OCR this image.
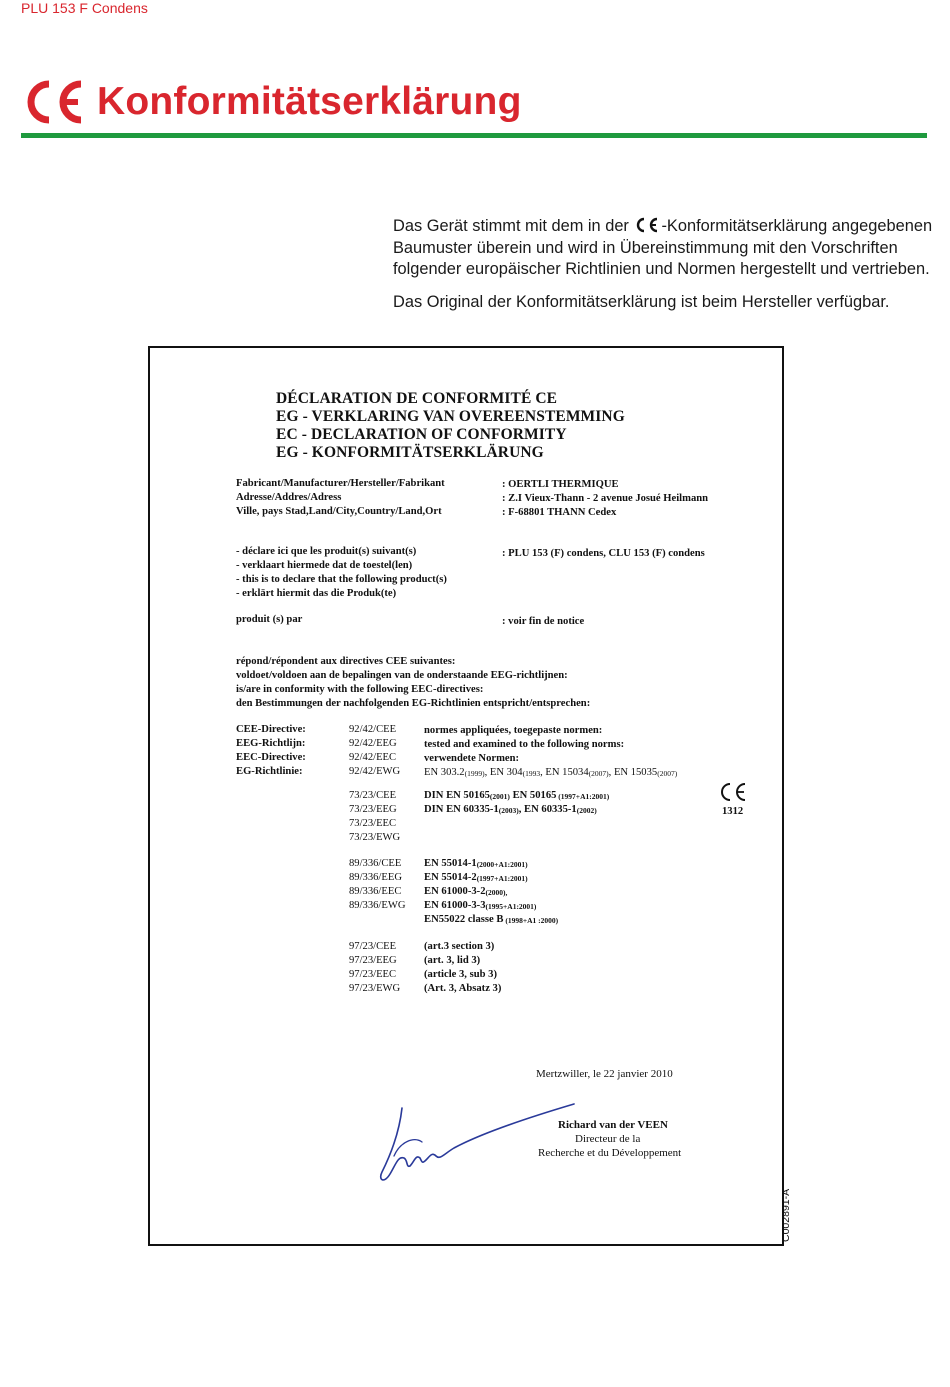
PLU 153 F Condens
Konformitätserklärung

Das Gerät stimmt mit dem in der -Konformitätserklärung angegebenen Baumuster überein und wird in Übereinstimmung mit den Vorschriften folgender europäischer Richtlinien und Normen hergestellt und vertrieben.

Das Original der Konformitätserklärung ist beim Hersteller verfügbar.

DÉCLARATION DE CONFORMITÉ CE
EG - VERKLARING VAN OVEREENSTEMMING
EC - DECLARATION OF CONFORMITY
EG - KONFORMITÄTSERKLÄRUNG
Fabricant/Manufacturer/Hersteller/Fabrikant
Adresse/Addres/Adress
Ville, pays Stad,Land/City,Country/Land,Ort
: OERTLI THERMIQUE
: Z.I Vieux-Thann - 2 avenue Josué Heilmann
: F-68801 THANN Cedex
- déclare ici que les produit(s) suivant(s)
- verklaart hiermede dat de toestel(len)
- this is to declare that the following product(s)
- erklärt hiermit das die Produk(te)
: PLU 153 (F) condens, CLU 153 (F) condens
produit (s) par	: voir fin de notice
répond/répondent aux directives CEE suivantes:
voldoet/voldoen aan de bepalingen van de onderstaande EEG-richtlijnen:
is/are in conformity with the following EEC-directives:
den Bestimmungen der nachfolgenden EG-Richtlinien entspricht/entsprechen:
CEE-Directive:
EEG-Richtlijn:
EEC-Directive:
EG-Richtlinie:
92/42/CEE
92/42/EEG
92/42/EEC
92/42/EWG
normes appliquées, toegepaste normen:
tested and examined to the following norms:
verwendete Normen:
EN $303.2_{(1999)}$, EN $304_{(1993}$, EN $15034_{(2007)}$, EN $15035_{(2007)}$
73/23/CEE
73/23/EEG
73/23/EEC
73/23/EWG
DIN EN $50165_{(2001)}$ EN 50165 $_{(1997+A1:2001)}$
DIN EN $60335-1_{(2003)}$, EN $60335-1_{(2002)}$	1312
89/336/CEE
89/336/EEG
89/336/EEC
89/336/EWG
EN $55014-1_{(2000+A1:2001)}$
EN $55014-2_{(1997+A1:2001)}$
EN $61000-3-2_{(2000),}$
EN $61000-3-3_{(1995+A1:2001)}$
EN55022 classe B $_{(1998+A1 :2000)}$
97/23/CEE
97/23/EEG
97/23/EEC
97/23/EWG
(art.3 section 3)
(art. 3, lid 3)
(article 3, sub 3)
(Art. 3, Absatz 3)
Mertzwiller, le 22 janvier 2010
Richard van der VEEN
Directeur de la
Recherche et du Développement
C002891-A
